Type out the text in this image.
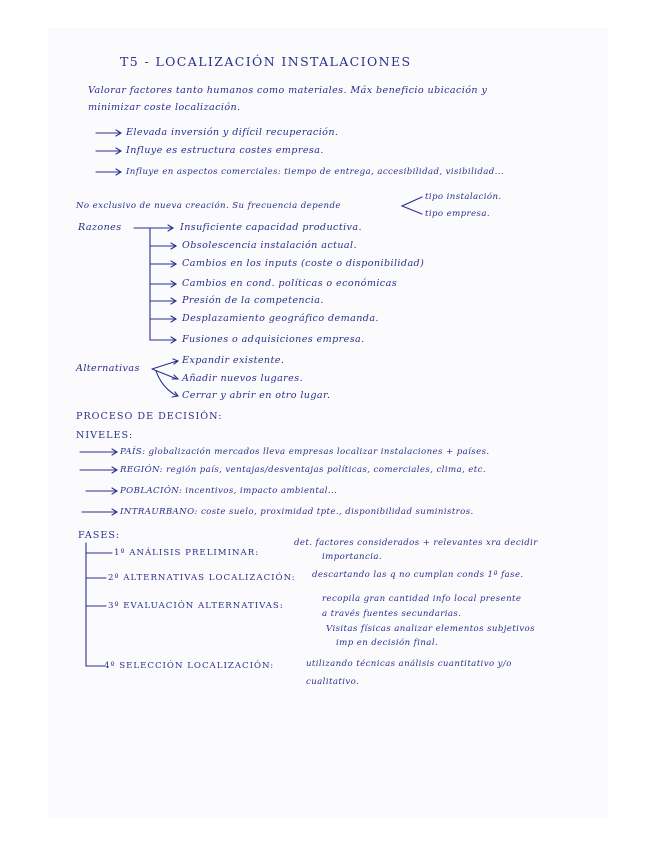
T5 - LOCALIZACIÓN INSTALACIONES
Valorar factores tanto humanos como materiales. Máx beneficio ubicación y
minimizar coste localización.
Elevada inversión y difícil recuperación.
Influye es estructura costes empresa.
Influye en aspectos comerciales: tiempo de entrega, accesibilidad, visibilidad...
No exclusivo de nueva creación. Su frecuencia depende
tipo instalación.
tipo empresa.
Razones	Insuficiente capacidad productiva.
Obsolescencia instalación actual.
Cambios en los inputs (coste o disponibilidad)
Cambios en cond. políticas o económicas
Presión de la competencia.
Desplazamiento geográfico demanda.
Fusiones o adquisiciones empresa.
Alternativas
Expandir existente.
Añadir nuevos lugares.
Cerrar y abrir en otro lugar.
PROCESO DE DECISIÓN:
NIVELES:
PAÍS: globalización mercados lleva empresas localizar instalaciones + países.
REGIÓN: región país, ventajas/desventajas políticas, comerciales, clima, etc.
POBLACIÓN: incentivos, impacto ambiental...
INTRAURBANO: coste suelo, proximidad tpte., disponibilidad suministros.
FASES:
1º ANÁLISIS PRELIMINAR:
det. factores considerados + relevantes xra decidir
importancia.
2º ALTERNATIVAS LOCALIZACIÓN: descartando las q no cumplan conds 1ª fase.
3º EVALUACIÓN ALTERNATIVAS:
recopila gran cantidad info local presente
a través fuentes secundarias.
Visitas físicas analizar elementos subjetivos
imp en decisión final.
4º SELECCIÓN LOCALIZACIÓN:	utilizando técnicas análisis cuantitativo y/o
cualitativo.
